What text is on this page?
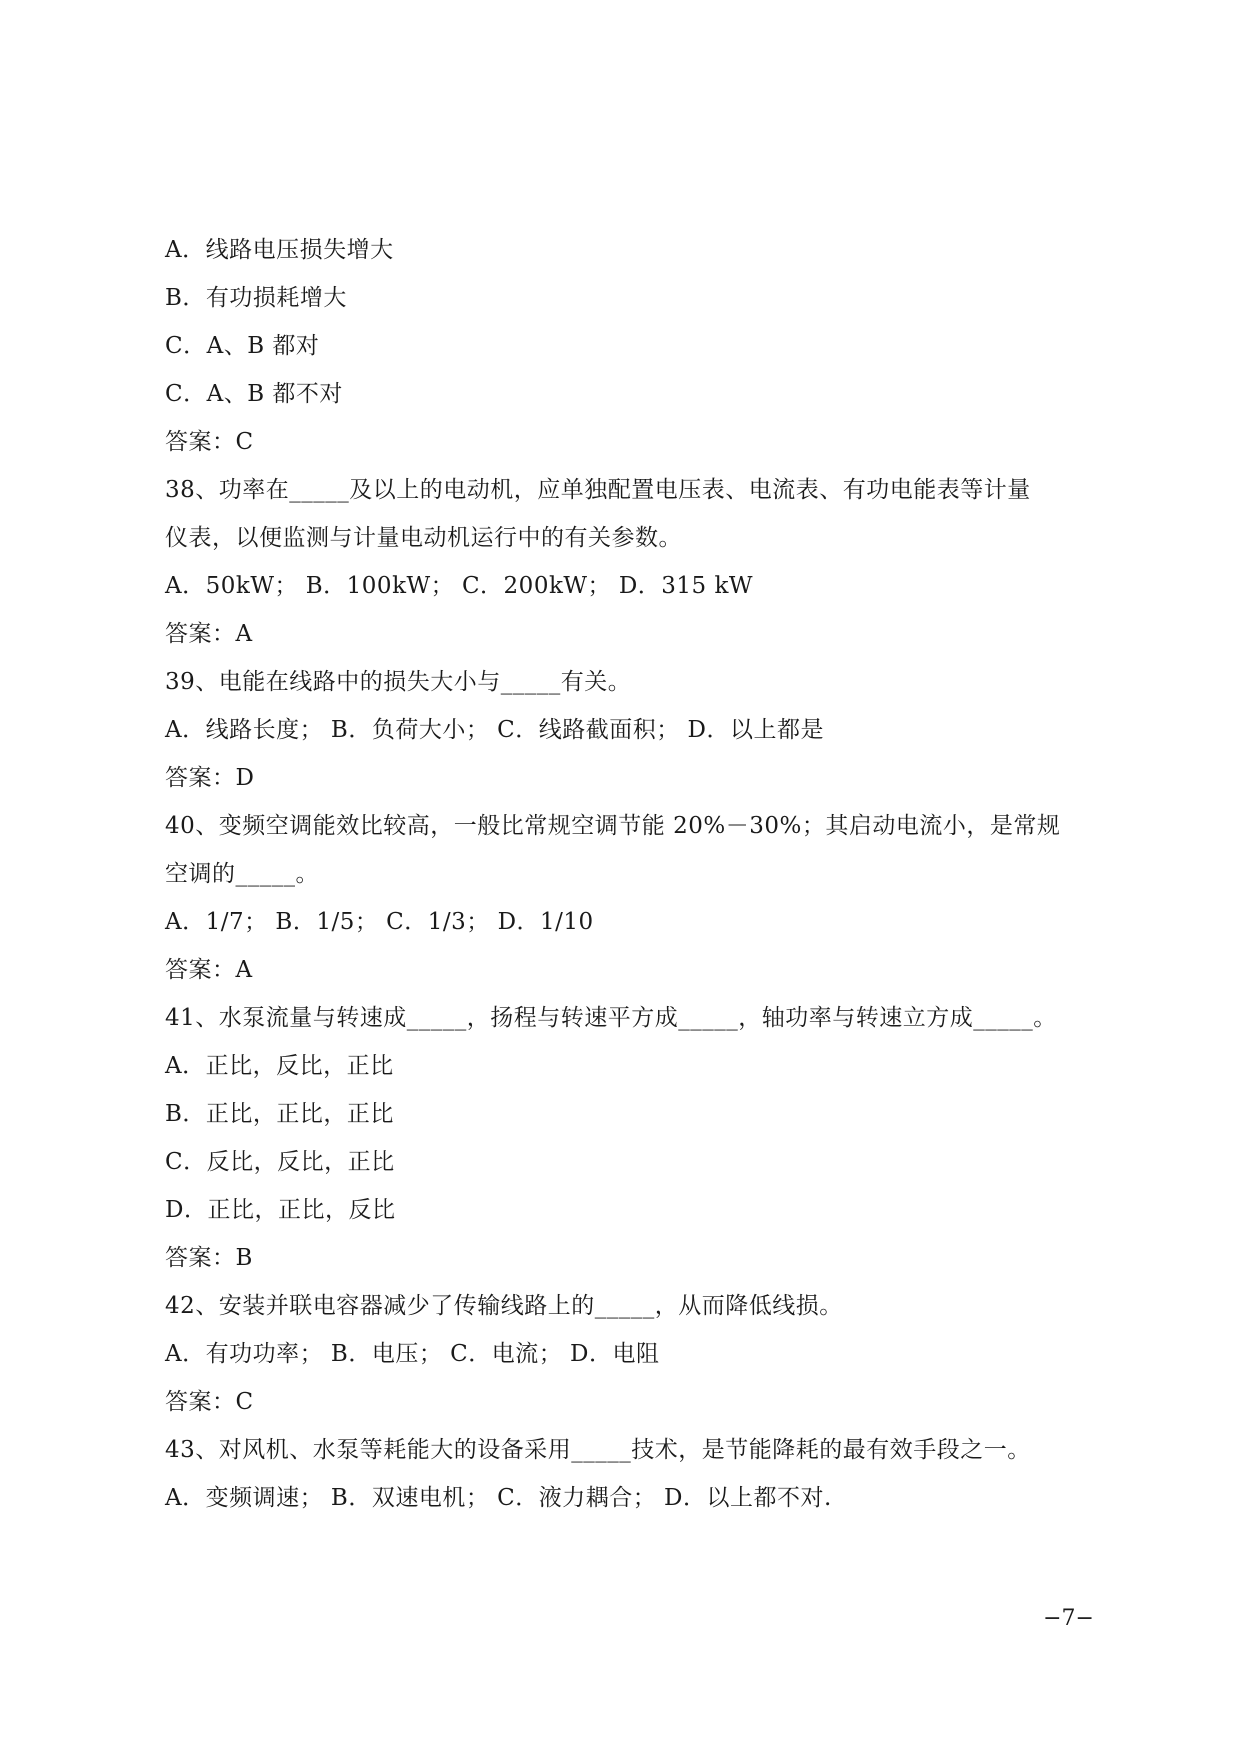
A．线路电压损失增大
B．有功损耗增大
C．A、B 都对
C．A、B 都不对
答案：C
38、功率在_____及以上的电动机，应单独配置电压表、电流表、有功电能表等计量
仪表，以便监测与计量电动机运行中的有关参数。
A．50kW； B．100kW； C．200kW； D．315 kW
答案：A
39、电能在线路中的损失大小与_____有关。
A．线路长度； B．负荷大小； C．线路截面积； D．以上都是
答案：D
40、变频空调能效比较高，一般比常规空调节能 20%－30%；其启动电流小，是常规
空调的_____。
A．1/7； B．1/5； C．1/3； D．1/10
答案：A
41、水泵流量与转速成_____，扬程与转速平方成_____，轴功率与转速立方成_____。
A．正比，反比，正比
B．正比，正比，正比
C．反比，反比，正比
D．正比，正比，反比
答案：B
42、安装并联电容器减少了传输线路上的_____，从而降低线损。
A．有功功率； B．电压； C．电流； D．电阻
答案：C
43、对风机、水泵等耗能大的设备采用_____技术，是节能降耗的最有效手段之一。
A．变频调速； B．双速电机； C．液力耦合； D．以上都不对.
−7−
